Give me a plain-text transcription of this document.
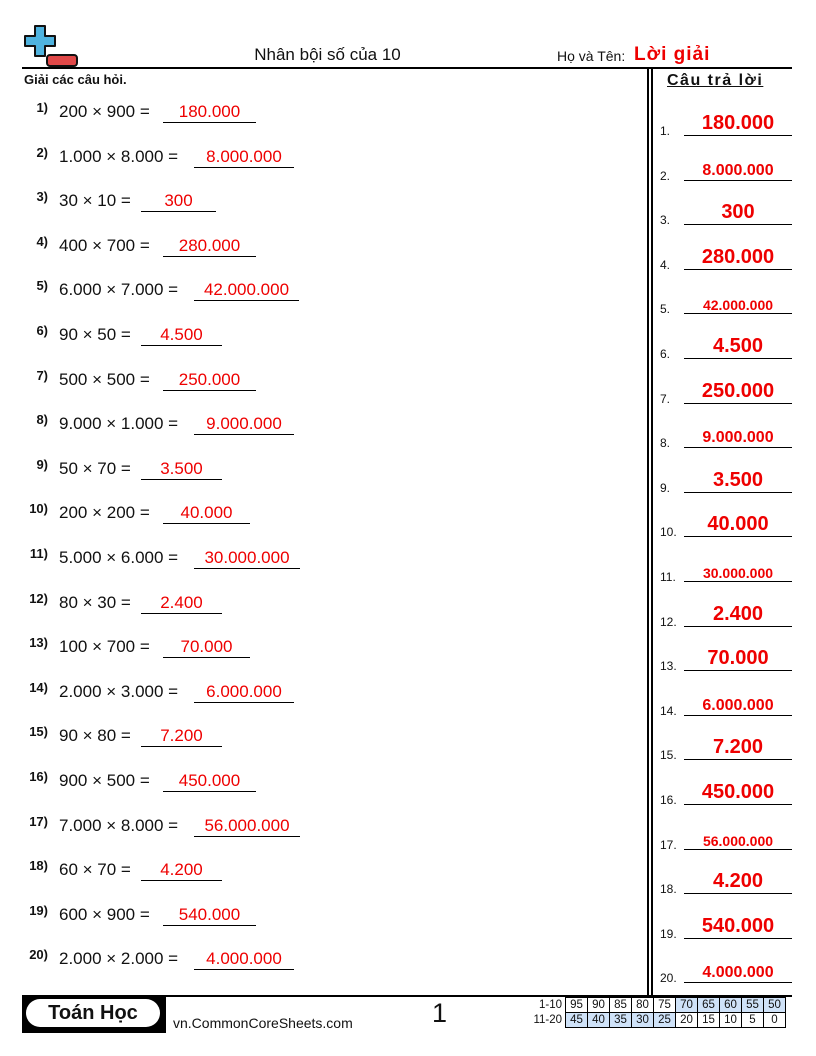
Nhân bội số của 10	Họ và Tên: Lời giải
Giải các câu hỏi.	Câu trả lời
1) 200 × 900 =	180.000
2) 1.000 × 8.000 =	8.000.000
3) 30 × 10 =	300
4) 400 × 700 =	280.000
5) 6.000 × 7.000 =	42.000.000
6) 90 × 50 =	4.500
7) 500 × 500 =	250.000
8) 9.000 × 1.000 =	9.000.000
9) 50 × 70 =	3.500
10) 200 × 200 =	40.000
11) 5.000 × 6.000 =	30.000.000
12) 80 × 30 =	2.400
13) 100 × 700 =	70.000
14) 2.000 × 3.000 =	6.000.000
15) 90 × 80 =	7.200
16) 900 × 500 =	450.000
17) 7.000 × 8.000 =	56.000.000
18) 60 × 70 =	4.200
19) 600 × 900 =	540.000
20) 2.000 × 2.000 =	4.000.000
1.	180.000
2.	8.000.000
3.	300
4.	280.000
5.	42.000.000
6.	4.500
7.	250.000
8.	9.000.000
9.	3.500
10.	40.000
11.	30.000.000
12.	2.400
13.	70.000
14.	6.000.000
15.	7.200
16.	450.000
17.	56.000.000
18.	4.200
19.	540.000
20.	4.000.000
Toán Học	vn.CommonCoreSheets.com	1	1-10	95	90	85	80	75	70	65	60	55	50
11-20	45	40	35	30	25	20	15	10	5	0
